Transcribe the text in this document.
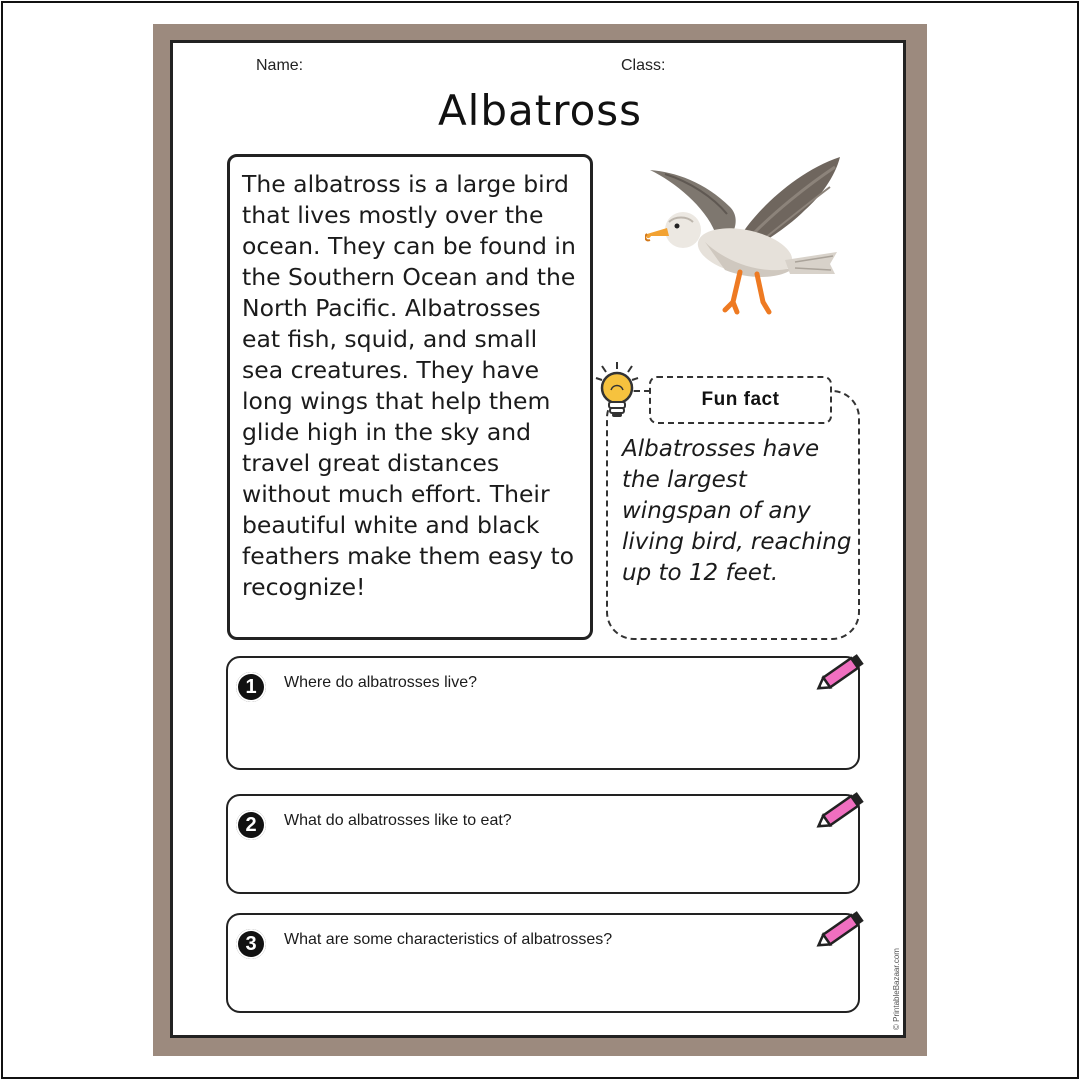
Name:	Class:
Albatross
The albatross is a large bird that lives mostly over the ocean. They can be found in the Southern Ocean and the North Pacific. Albatrosses eat fish, squid, and small sea creatures. They have long wings that help them glide high in the sky and travel great distances without much effort. Their beautiful white and black feathers make them easy to recognize!
Fun fact
Albatrosses have the largest wingspan of any living bird, reaching up to 12 feet.
1	Where do albatrosses live?
2	What do albatrosses like to eat?
3	What are some characteristics of albatrosses?
© PrintableBazaar.com
